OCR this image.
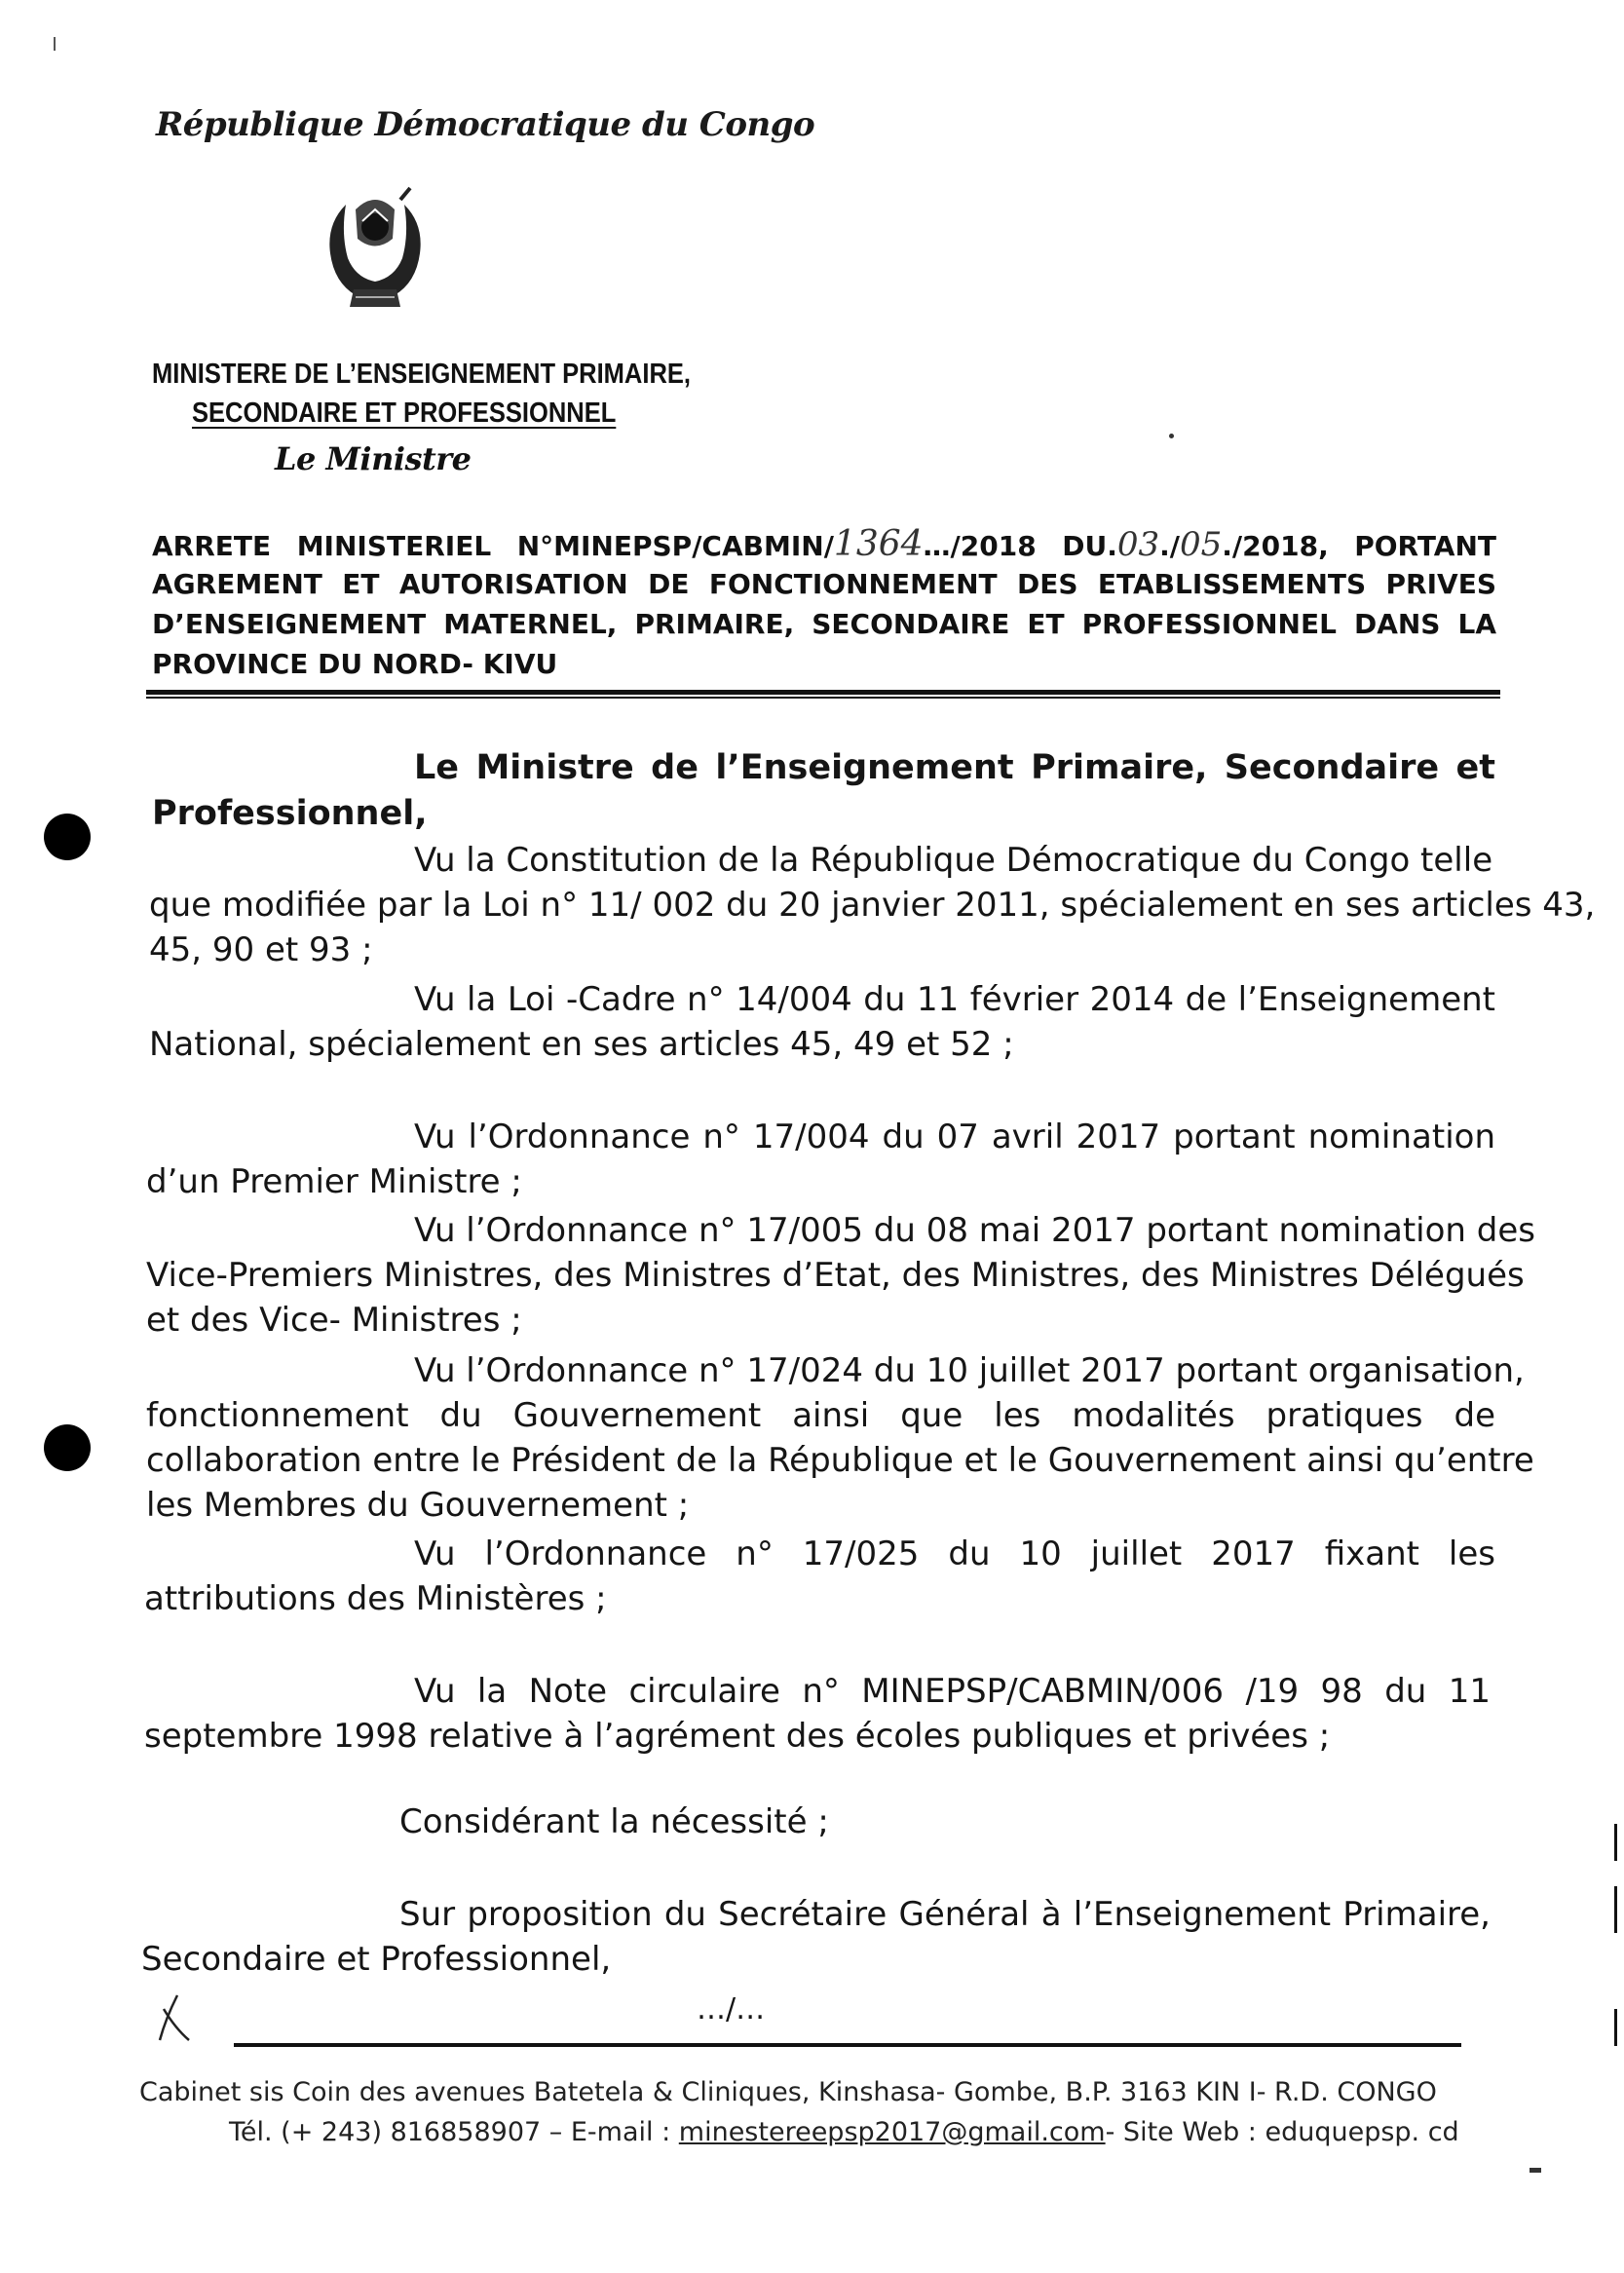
République Démocratique du Congo
MINISTERE DE L’ENSEIGNEMENT PRIMAIRE,
SECONDAIRE ET PROFESSIONNEL
Le Ministre
ARRETE MINISTERIEL N°MINEPSP/CABMIN/1364…/2018 DU.03./05./2018, PORTANT
AGREMENT ET AUTORISATION DE FONCTIONNEMENT DES ETABLISSEMENTS PRIVES
D’ENSEIGNEMENT MATERNEL, PRIMAIRE, SECONDAIRE ET PROFESSIONNEL DANS LA
PROVINCE DU NORD- KIVU
Le Ministre de l’Enseignement Primaire, Secondaire et
Professionnel,
Vu la Constitution de la République Démocratique du Congo telle
que modifiée par la Loi n° 11/ 002 du 20 janvier 2011, spécialement en ses articles 43,
45, 90 et 93 ;
Vu la Loi -Cadre n° 14/004 du 11 février 2014 de l’Enseignement
National, spécialement en ses articles 45, 49 et 52 ;
Vu l’Ordonnance n° 17/004 du 07 avril 2017 portant nomination
d’un Premier Ministre ;
Vu l’Ordonnance n° 17/005 du 08 mai 2017 portant nomination des
Vice-Premiers Ministres, des Ministres d’Etat, des Ministres, des Ministres Délégués
et des Vice- Ministres ;
Vu l’Ordonnance n° 17/024 du 10 juillet 2017 portant organisation,
fonctionnement du Gouvernement ainsi que les modalités pratiques de
collaboration entre le Président de la République et le Gouvernement ainsi qu’entre
les Membres du Gouvernement ;
Vu l’Ordonnance n° 17/025 du 10 juillet 2017 fixant les
attributions des Ministères ;
Vu la Note circulaire n° MINEPSP/CABMIN/006 /19 98 du 11
septembre 1998 relative à l’agrément des écoles publiques et privées ;
Considérant la nécessité ;
Sur proposition du Secrétaire Général à l’Enseignement Primaire,
Secondaire et Professionnel,
…/…
Cabinet sis Coin des avenues Batetela & Cliniques, Kinshasa- Gombe, B.P. 3163 KIN I- R.D. CONGO
Tél. (+ 243) 816858907 – E-mail : minestereepsp2017@gmail.com- Site Web : eduquepsp. cd
